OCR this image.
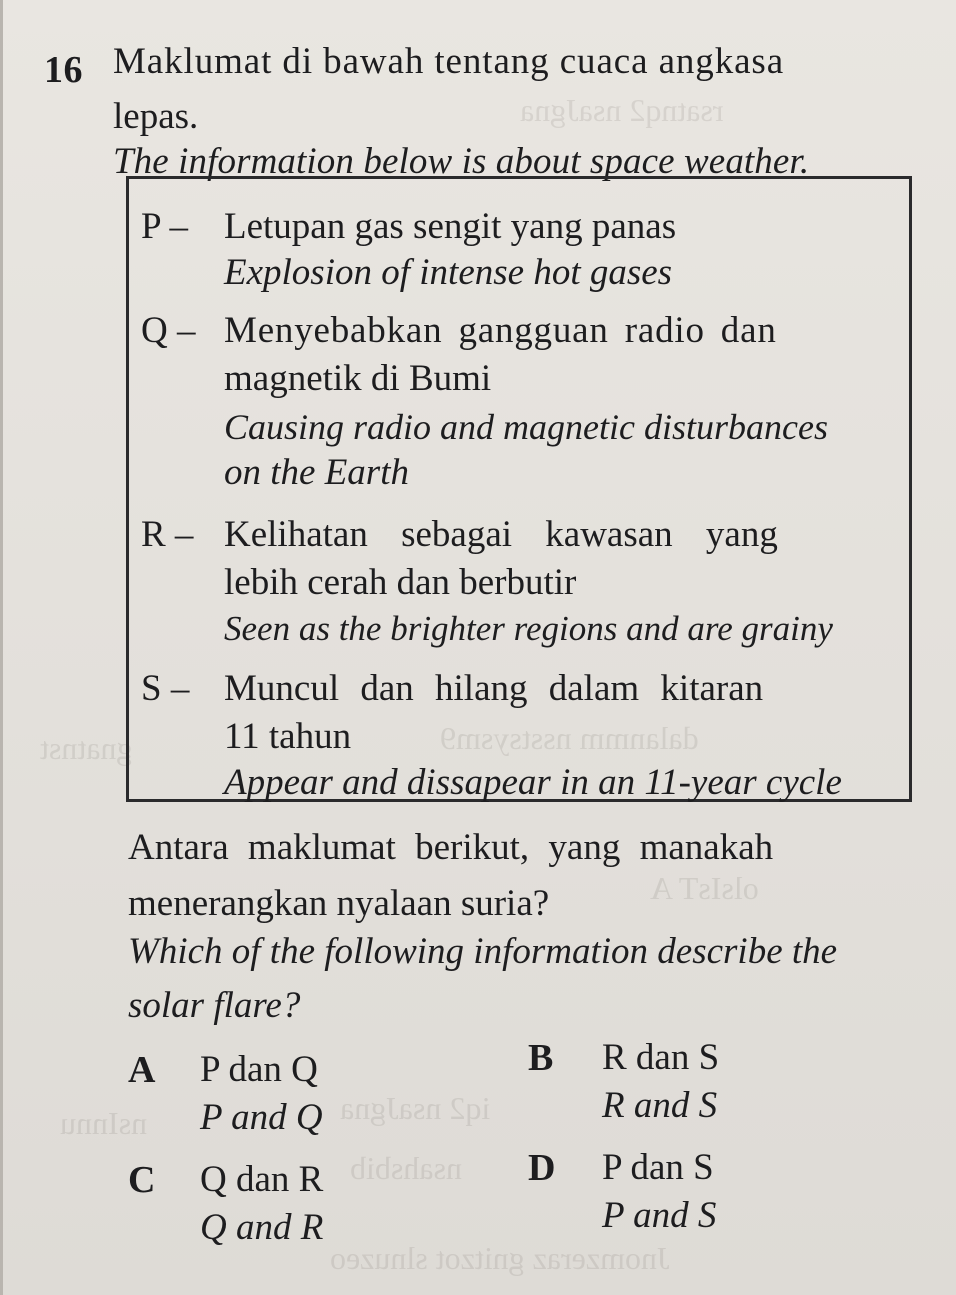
rsatnq2 nsaJgna
gnatnst	dalanmm nsstsysm9
olsIsT A
iq2 nsaJgna
nsInnu
nsahsbib
16 Maklumat di bawah tentang cuaca angkasa
lepas.
The information below is about space weather.
P – Letupan gas sengit yang panas
Explosion of intense hot gases
Q – Menyebabkan gangguan radio dan
magnetik di Bumi
Causing radio and magnetic disturbances
on the Earth
R – Kelihatan sebagai kawasan yang
lebih cerah dan berbutir
Seen as the brighter regions and are grainy
S – Muncul dan hilang dalam kitaran
11 tahun
Appear and dissapear in an 11-year cycle
Antara maklumat berikut, yang manakah
menerangkan nyalaan suria?
Which of the following information describe the
solar flare?
A P dan Q
P and Q
B R dan S
R and S
C Q dan R
Q and R
D P dan S
P and S
Jnomzeraz gnitzot slnuzeo
